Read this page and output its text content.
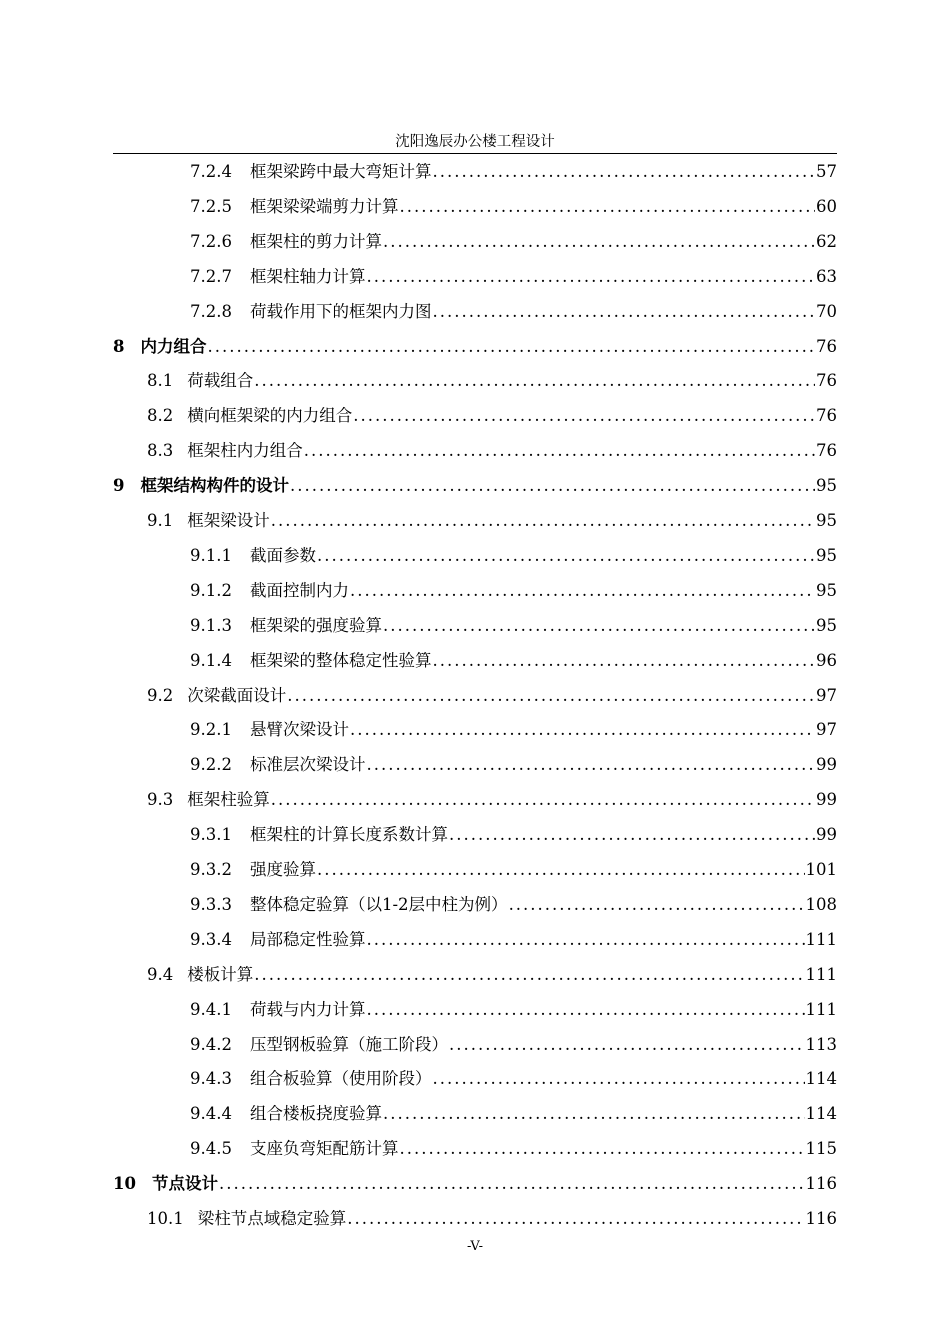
沈阳逸辰办公楼工程设计
7.2.4 框架梁跨中最大弯矩计算 .....	57
7.2.5 框架梁梁端剪力计算 .....	60
7.2.6 框架柱的剪力计算 .....	62
7.2.7 框架柱轴力计算 .....	63
7.2.8 荷载作用下的框架内力图 .....	70
8 内力组合 .....	76
8.1 荷载组合 .....	76
8.2 横向框架梁的内力组合 .....	76
8.3 框架柱内力组合 .....	76
9 框架结构构件的设计 .....	95
9.1 框架梁设计 .....	95
9.1.1 截面参数 .....	95
9.1.2 截面控制内力 .....	95
9.1.3 框架梁的强度验算 .....	95
9.1.4 框架梁的整体稳定性验算 .....	96
9.2 次梁截面设计 .....	97
9.2.1 悬臂次梁设计 .....	97
9.2.2 标准层次梁设计 .....	99
9.3 框架柱验算 .....	99
9.3.1 框架柱的计算长度系数计算 .....	99
9.3.2 强度验算 .....	101
9.3.3 整体稳定验算（以1-2层中柱为例） .....	108
9.3.4 局部稳定性验算 .....	111
9.4 楼板计算 .....	111
9.4.1 荷载与内力计算 .....	111
9.4.2 压型钢板验算（施工阶段） .....	113
9.4.3 组合板验算（使用阶段） .....	114
9.4.4 组合楼板挠度验算 .....	114
9.4.5 支座负弯矩配筋计算 .....	115
10 节点设计 .....	116
10.1 梁柱节点域稳定验算 .....	116
-V-
